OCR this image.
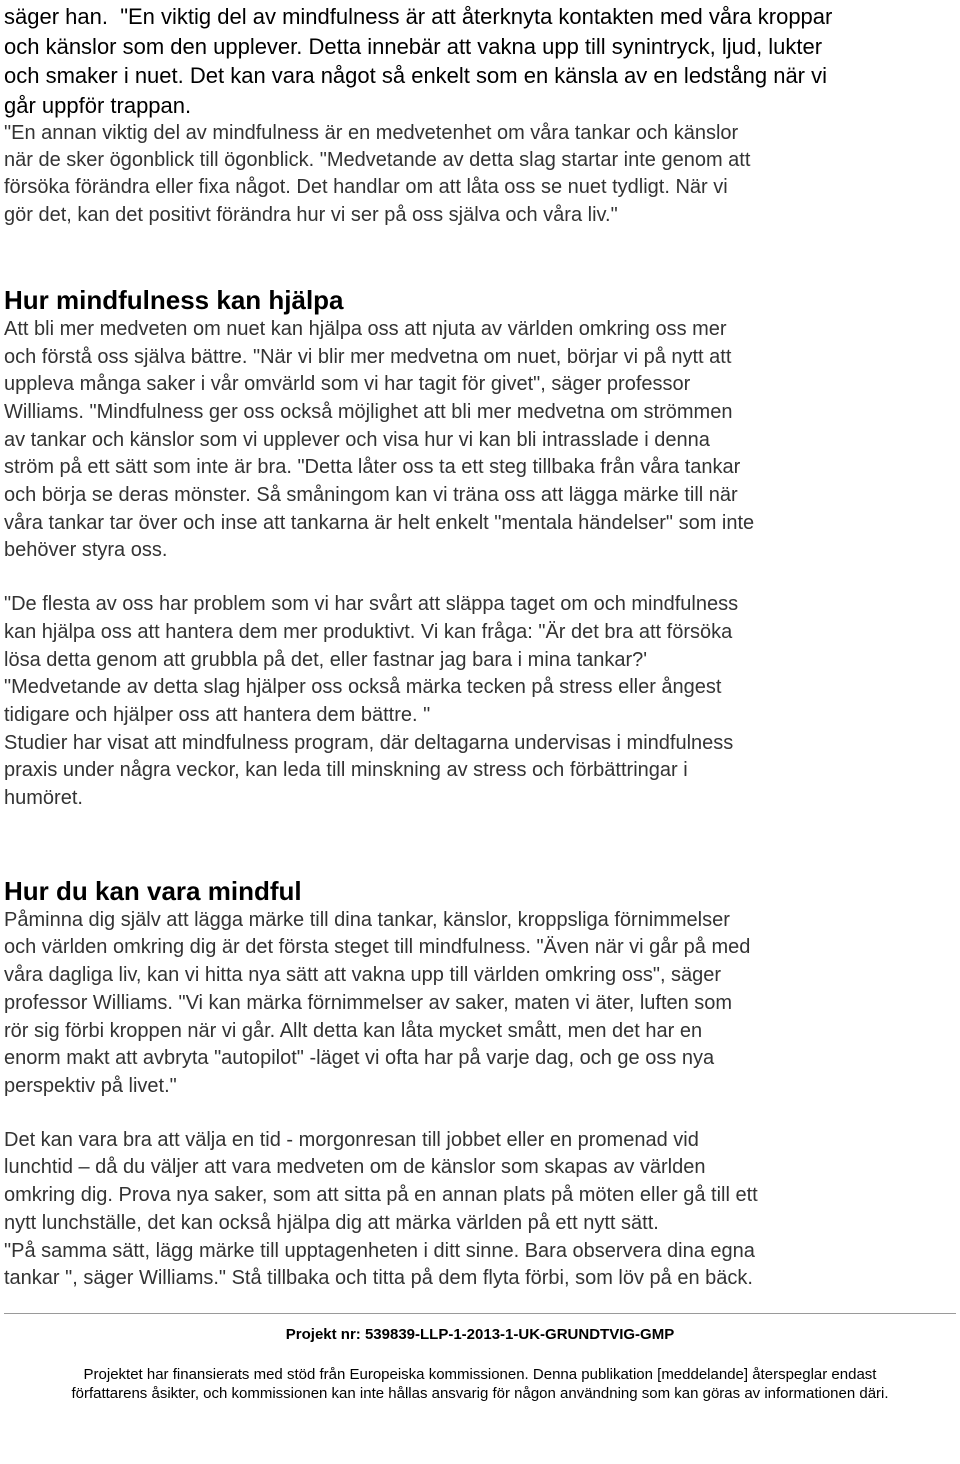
säger han.  "En viktig del av mindfulness är att återknyta kontakten med våra kroppar
och känslor som den upplever. Detta innebär att vakna upp till synintryck, ljud, lukter
och smaker i nuet. Det kan vara något så enkelt som en känsla av en ledstång när vi
går uppför trappan.
"En annan viktig del av mindfulness är en medvetenhet om våra tankar och känslor
när de sker ögonblick till ögonblick. "Medvetande av detta slag startar inte genom att
försöka förändra eller fixa något. Det handlar om att låta oss se nuet tydligt. När vi
gör det, kan det positivt förändra hur vi ser på oss själva och våra liv."
Hur mindfulness kan hjälpa
Att bli mer medveten om nuet kan hjälpa oss att njuta av världen omkring oss mer
och förstå oss själva bättre. "När vi blir mer medvetna om nuet, börjar vi på nytt att
uppleva många saker i vår omvärld som vi har tagit för givet", säger professor
Williams. "Mindfulness ger oss också möjlighet att bli mer medvetna om strömmen
av tankar och känslor som vi upplever och visa hur vi kan bli intrasslade i denna
ström på ett sätt som inte är bra. "Detta låter oss ta ett steg tillbaka från våra tankar
och börja se deras mönster. Så småningom kan vi träna oss att lägga märke till när
våra tankar tar över och inse att tankarna är helt enkelt "mentala händelser" som inte
behöver styra oss.
"De flesta av oss har problem som vi har svårt att släppa taget om och mindfulness
kan hjälpa oss att hantera dem mer produktivt. Vi kan fråga: "Är det bra att försöka
lösa detta genom att grubbla på det, eller fastnar jag bara i mina tankar?'
"Medvetande av detta slag hjälper oss också märka tecken på stress eller ångest
tidigare och hjälper oss att hantera dem bättre. "
Studier har visat att mindfulness program, där deltagarna undervisas i mindfulness
praxis under några veckor, kan leda till minskning av stress och förbättringar i
humöret.
Hur du kan vara mindful
Påminna dig själv att lägga märke till dina tankar, känslor, kroppsliga förnimmelser
och världen omkring dig är det första steget till mindfulness. "Även när vi går på med
våra dagliga liv, kan vi hitta nya sätt att vakna upp till världen omkring oss", säger
professor Williams. "Vi kan märka förnimmelser av saker, maten vi äter, luften som
rör sig förbi kroppen när vi går. Allt detta kan låta mycket smått, men det har en
enorm makt att avbryta "autopilot" -läget vi ofta har på varje dag, och ge oss nya
perspektiv på livet."
Det kan vara bra att välja en tid - morgonresan till jobbet eller en promenad vid
lunchtid – då du väljer att vara medveten om de känslor som skapas av världen
omkring dig. Prova nya saker, som att sitta på en annan plats på möten eller gå till ett
nytt lunchställe, det kan också hjälpa dig att märka världen på ett nytt sätt.
"På samma sätt, lägg märke till upptagenheten i ditt sinne. Bara observera dina egna
tankar ", säger Williams." Stå tillbaka och titta på dem flyta förbi, som löv på en bäck.
Projekt nr: 539839-LLP-1-2013-1-UK-GRUNDTVIG-GMP
Projektet har finansierats med stöd från Europeiska kommissionen. Denna publikation [meddelande] återspeglar endast
författarens åsikter, och kommissionen kan inte hållas ansvarig för någon användning som kan göras av informationen däri.
